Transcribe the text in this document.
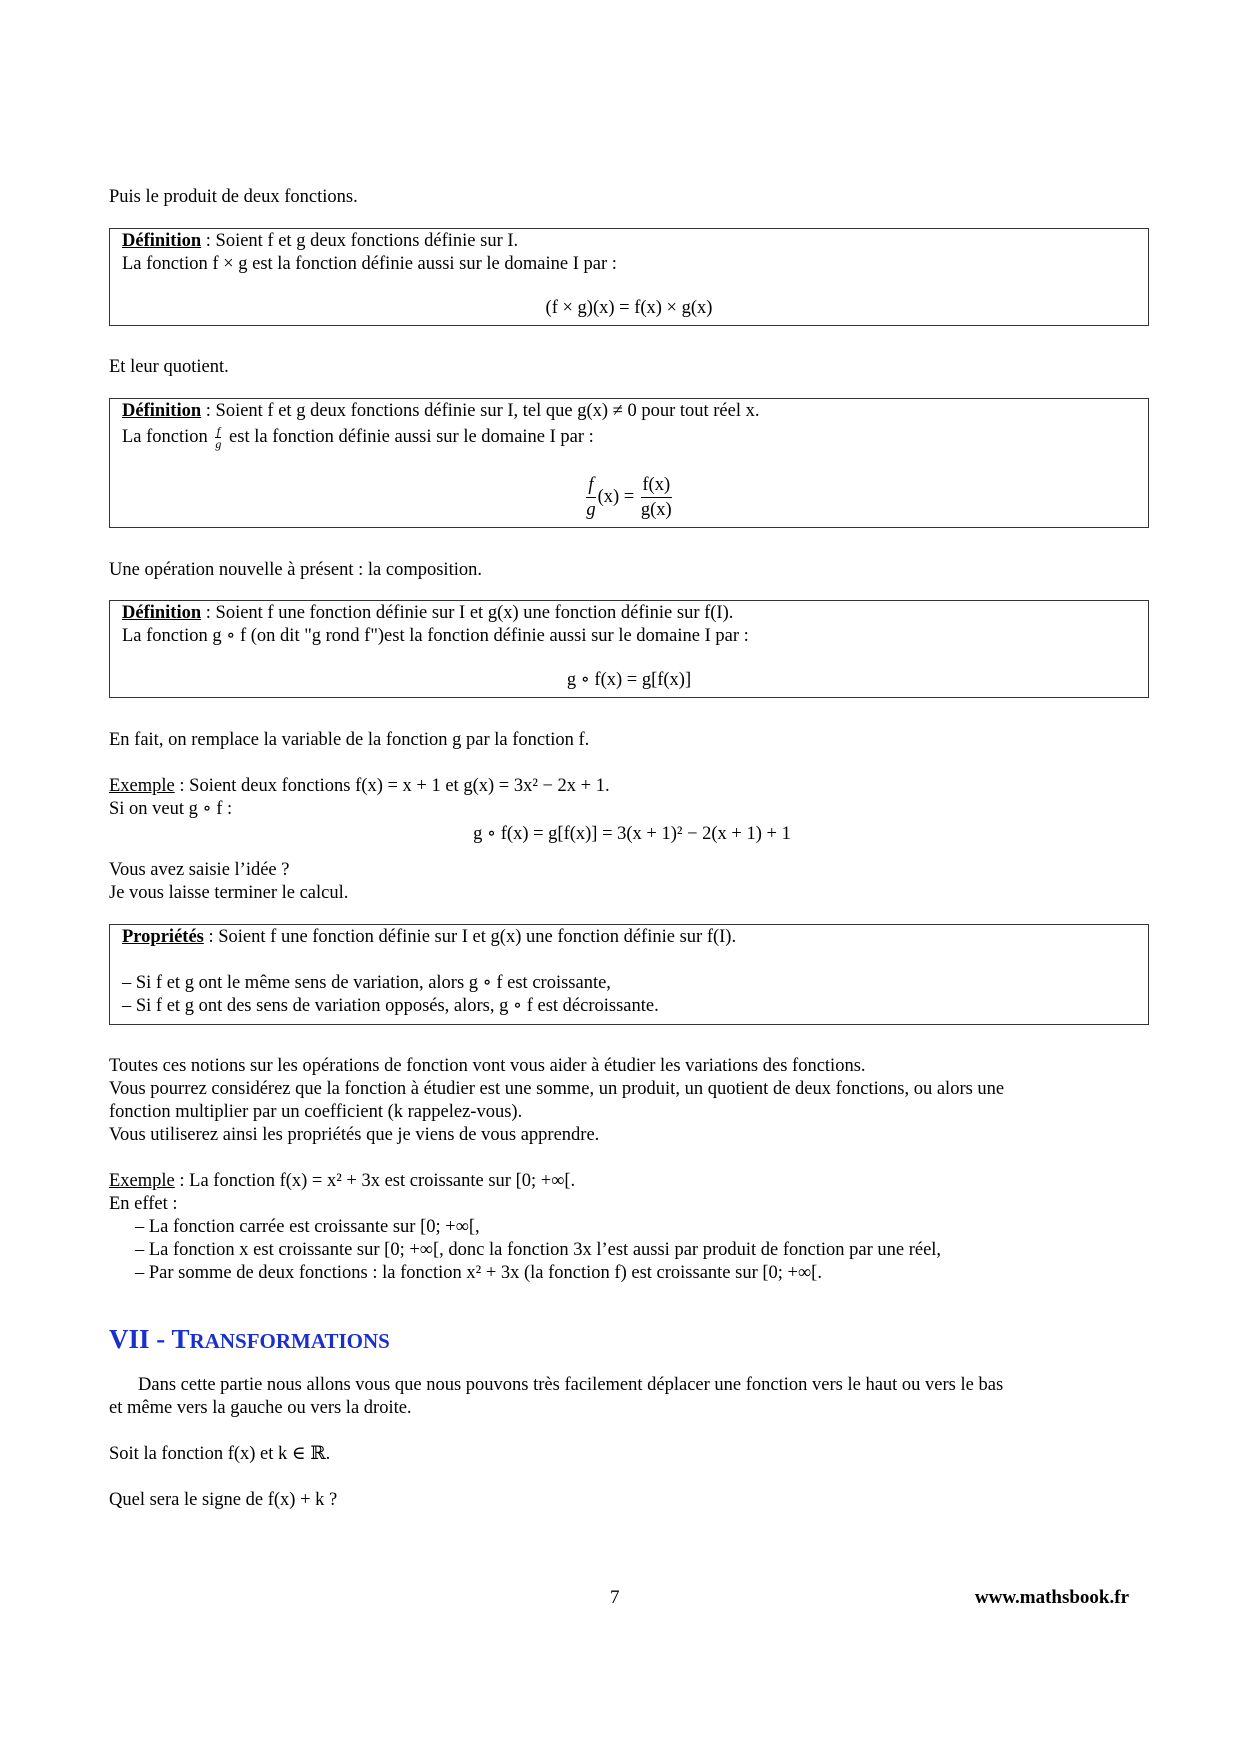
Puis le produit de deux fonctions.
Définition : Soient f et g deux fonctions définie sur I.
La fonction f × g est la fonction définie aussi sur le domaine I par :
(f × g)(x) = f(x) × g(x)
Et leur quotient.
Définition : Soient f et g deux fonctions définie sur I, tel que g(x) ≠ 0 pour tout réel x.
La fonction $\frac{f}{g}$ est la fonction définie aussi sur le domaine I par :
$\frac{f}{g} (x) = \frac{f(x)}{g(x)}$
Une opération nouvelle à présent : la composition.
Définition : Soient f une fonction définie sur I et g(x) une fonction définie sur f(I).
La fonction g ∘ f (on dit "g rond f")est la fonction définie aussi sur le domaine I par :
g ∘ f(x) = g[f(x)]
En fait, on remplace la variable de la fonction g par la fonction f.
Exemple : Soient deux fonctions f(x) = x + 1 et g(x) = 3x² − 2x + 1.
Si on veut g ∘ f :
g ∘ f(x) = g[f(x)] = 3(x + 1)² − 2(x + 1) + 1
Vous avez saisie l’idée ?
Je vous laisse terminer le calcul.
Propriétés : Soient f une fonction définie sur I et g(x) une fonction définie sur f(I).
– Si f et g ont le même sens de variation, alors g ∘ f est croissante,
– Si f et g ont des sens de variation opposés, alors, g ∘ f est décroissante.
Toutes ces notions sur les opérations de fonction vont vous aider à étudier les variations des fonctions.
Vous pourrez considérez que la fonction à étudier est une somme, un produit, un quotient de deux fonctions, ou alors une
fonction multiplier par un coefficient (k rappelez-vous).
Vous utiliserez ainsi les propriétés que je viens de vous apprendre.
Exemple : La fonction f(x) = x² + 3x est croissante sur [0; +∞[.
En effet :
– La fonction carrée est croissante sur [0; +∞[,
– La fonction x est croissante sur [0; +∞[, donc la fonction 3x l’est aussi par produit de fonction par une réel,
– Par somme de deux fonctions : la fonction x² + 3x (la fonction f) est croissante sur [0; +∞[.
VII - TRANSFORMATIONS
Dans cette partie nous allons vous que nous pouvons très facilement déplacer une fonction vers le haut ou vers le bas
et même vers la gauche ou vers la droite.
Soit la fonction f(x) et k ∈ ℝ.
Quel sera le signe de f(x) + k ?
7	www.mathsbook.fr
